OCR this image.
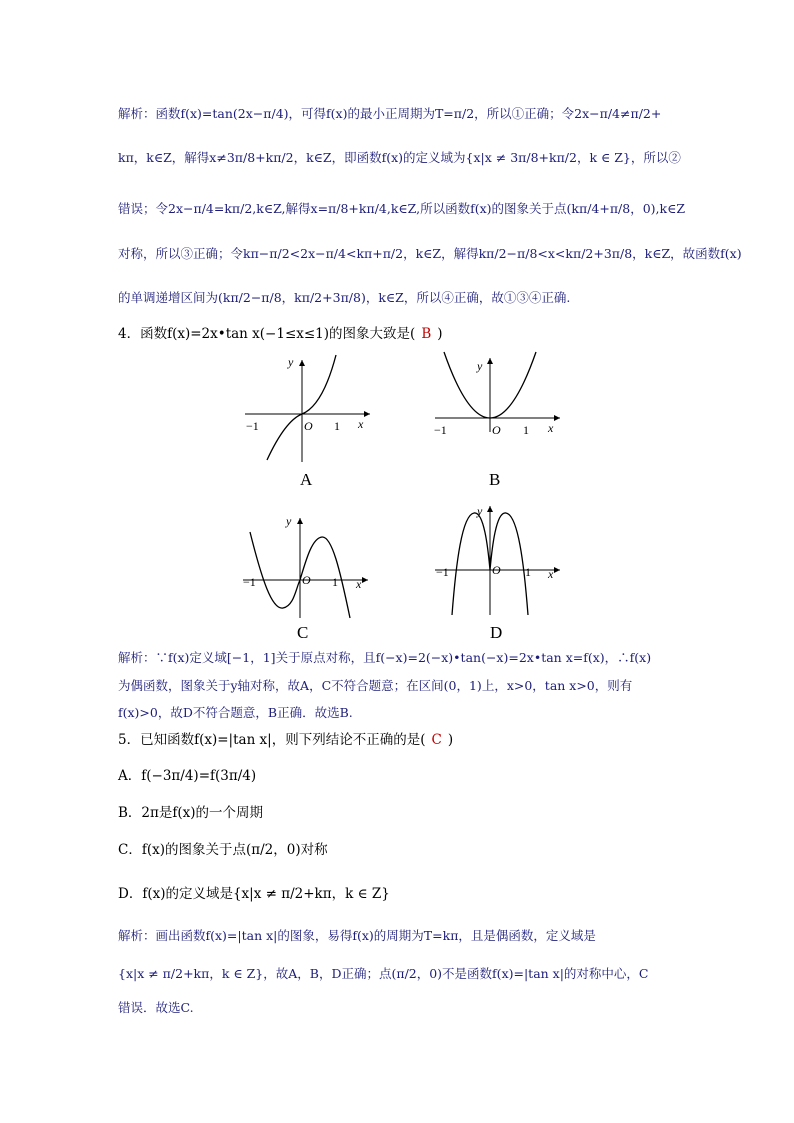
解析：函数f(x)=tan(2x−π/4)，可得f(x)的最小正周期为T=π/2，所以①正确；令2x−π/4≠π/2+
kπ，k∈Z，解得x≠3π/8+kπ/2，k∈Z，即函数f(x)的定义域为{x|x ≠ 3π/8+kπ/2，k ∈ Z}，所以②
错误；令2x−π/4=kπ/2,k∈Z,解得x=π/8+kπ/4,k∈Z,所以函数f(x)的图象关于点(kπ/4+π/8，0),k∈Z
对称，所以③正确；令kπ−π/2<2x−π/4<kπ+π/2，k∈Z，解得kπ/2−π/8<x<kπ/2+3π/8，k∈Z，故函数f(x)
的单调递增区间为(kπ/2−π/8，kπ/2+3π/8)，k∈Z，所以④正确，故①③④正确.
4．函数f(x)=2x•tan x(−1≤x≤1)的图象大致是( B )
−1	O 1 x
y
A
−1	O 1 x
y
B
−1	O 1 x
y
C
−1	O 1 x
y
D
解析：∵f(x)定义域[−1，1]关于原点对称，且f(−x)=2(−x)•tan(−x)=2x•tan x=f(x)，∴f(x)
为偶函数，图象关于y轴对称，故A，C不符合题意；在区间(0，1)上，x>0，tan x>0，则有
f(x)>0，故D不符合题意，B正确．故选B.
5．已知函数f(x)=|tan x|，则下列结论不正确的是( C )
A．f(−3π/4)=f(3π/4)
B．2π是f(x)的一个周期
C．f(x)的图象关于点(π/2，0)对称
D．f(x)的定义域是{x|x ≠ π/2+kπ，k ∈ Z}
解析：画出函数f(x)=|tan x|的图象，易得f(x)的周期为T=kπ，且是偶函数，定义域是
{x|x ≠ π/2+kπ，k ∈ Z}，故A，B，D正确；点(π/2，0)不是函数f(x)=|tan x|的对称中心，C
错误．故选C.
